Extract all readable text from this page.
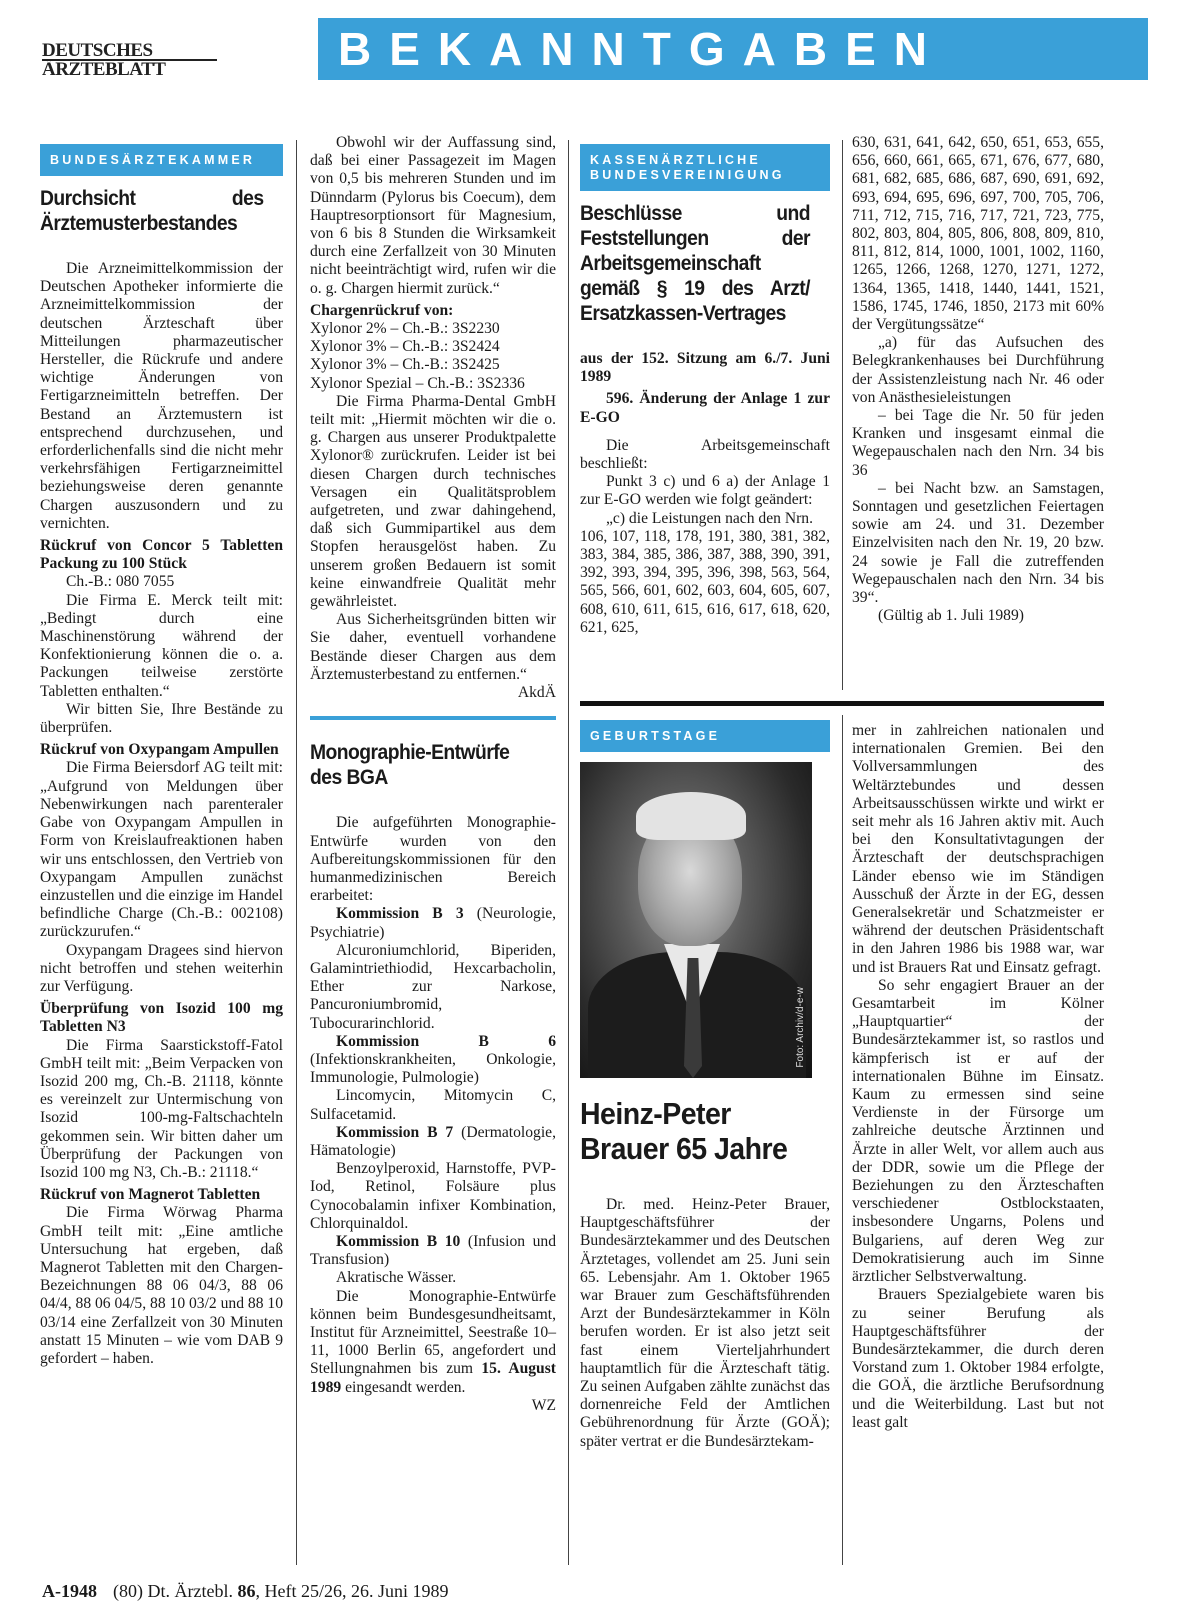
DEUTSCHES
ÄRZTEBLATT	BEKANNTGABEN
BUNDESÄRZTEKAMMER
Durchsicht des Ärztemusterbestandes

Die Arzneimittelkommission der Deutschen Apotheker informierte die Arzneimittelkommission der deutschen Ärzteschaft über Mitteilungen pharmazeutischer Hersteller, die Rückrufe und andere wichtige Änderungen von Fertigarzneimitteln betreffen. Der Bestand an Ärztemustern ist entsprechend durchzusehen, und erforderlichenfalls sind die nicht mehr verkehrsfähigen Fertigarzneimittel beziehungsweise deren genannte Chargen auszusondern und zu vernichten.

Rückruf von Concor 5 Tabletten Packung zu 100 Stück

Ch.-B.: 080 7055

Die Firma E. Merck teilt mit: „Bedingt durch eine Maschinenstörung während der Konfektionierung können die o. a. Packungen teilweise zerstörte Tabletten enthalten.“

Wir bitten Sie, Ihre Bestände zu überprüfen.

Rückruf von Oxypangam Ampullen

Die Firma Beiersdorf AG teilt mit: „Aufgrund von Meldungen über Nebenwirkungen nach parenteraler Gabe von Oxypangam Ampullen in Form von Kreislaufreaktionen haben wir uns entschlossen, den Vertrieb von Oxypangam Ampullen zunächst einzustellen und die einzige im Handel befindliche Charge (Ch.-B.: 002108) zurückzurufen.“

Oxypangam Dragees sind hiervon nicht betroffen und stehen weiterhin zur Verfügung.

Überprüfung von Isozid 100 mg Tabletten N3

Die Firma Saarstickstoff-Fatol GmbH teilt mit: „Beim Verpacken von Isozid 200 mg, Ch.-B. 21118, könnte es vereinzelt zur Untermischung von Isozid 100-mg-Faltschachteln gekommen sein. Wir bitten daher um Überprüfung der Packungen von Isozid 100 mg N3, Ch.-B.: 21118.“

Rückruf von Magnerot Tabletten

Die Firma Wörwag Pharma GmbH teilt mit: „Eine amtliche Untersuchung hat ergeben, daß Magnerot Tabletten mit den Chargen-Bezeichnungen 88 06 04/3, 88 06 04/4, 88 06 04/5, 88 10 03/2 und 88 10 03/14 eine Zerfallzeit von 30 Minuten anstatt 15 Minuten – wie vom DAB 9 gefordert – haben.

Obwohl wir der Auffassung sind, daß bei einer Passagezeit im Magen von 0,5 bis mehreren Stunden und im Dünndarm (Pylorus bis Coecum), dem Hauptresorptionsort für Magnesium, von 6 bis 8 Stunden die Wirksamkeit durch eine Zerfallzeit von 30 Minuten nicht beeinträchtigt wird, rufen wir die o. g. Chargen hiermit zurück.“

Chargenrückruf von:
Xylonor 2% – Ch.-B.: 3S2230
Xylonor 3% – Ch.-B.: 3S2424
Xylonor 3% – Ch.-B.: 3S2425
Xylonor Spezial – Ch.-B.: 3S2336

Die Firma Pharma-Dental GmbH teilt mit: „Hiermit möchten wir die o. g. Chargen aus unserer Produktpalette Xylonor® zurückrufen. Leider ist bei diesen Chargen durch technisches Versagen ein Qualitätsproblem aufgetreten, und zwar dahingehend, daß sich Gummipartikel aus dem Stopfen herausgelöst haben. Zu unserem großen Bedauern ist somit keine einwandfreie Qualität mehr gewährleistet.

Aus Sicherheitsgründen bitten wir Sie daher, eventuell vorhandene Bestände dieser Chargen aus dem Ärztemusterbestand zu entfernen.“

AkdÄ
Monographie-Entwürfe des BGA

Die aufgeführten Monographie-Entwürfe wurden von den Aufbereitungskommissionen für den humanmedizinischen Bereich erarbeitet:

Kommission B 3 (Neurologie, Psychiatrie)

Alcuroniumchlorid, Biperiden, Galamintriethiodid, Hexcarbacholin, Ether zur Narkose, Pancuroniumbromid, Tubocurarinchlorid.

Kommission B 6 (Infektionskrankheiten, Onkologie, Immunologie, Pulmologie)

Lincomycin, Mitomycin C, Sulfacetamid.

Kommission B 7 (Dermatologie, Hämatologie)

Benzoylperoxid, Harnstoffe, PVP-Iod, Retinol, Folsäure plus Cynocobalamin infixer Kombination, Chlorquinaldol.

Kommission B 10 (Infusion und Transfusion)

Akratische Wässer.

Die Monographie-Entwürfe können beim Bundesgesundheitsamt, Institut für Arzneimittel, Seestraße 10–11, 1000 Berlin 65, angefordert und Stellungnahmen bis zum 15. August 1989 eingesandt werden.

WZ
KASSENÄRZTLICHE BUNDESVEREINIGUNG
Beschlüsse und Feststellungen der Arbeitsgemeinschaft gemäß § 19 des Arzt/ Ersatzkassen-Vertrages
aus der 152. Sitzung am 6./7. Juni 1989
596. Änderung der Anlage 1 zur E-GO

Die Arbeitsgemeinschaft beschließt:

Punkt 3 c) und 6 a) der Anlage 1 zur E-GO werden wie folgt geändert:

„c) die Leistungen nach den Nrn.

106, 107, 118, 178, 191, 380, 381, 382, 383, 384, 385, 386, 387, 388, 390, 391, 392, 393, 394, 395, 396, 398, 563, 564, 565, 566, 601, 602, 603, 604, 605, 607, 608, 610, 611, 615, 616, 617, 618, 620, 621, 625,

630, 631, 641, 642, 650, 651, 653, 655, 656, 660, 661, 665, 671, 676, 677, 680, 681, 682, 685, 686, 687, 690, 691, 692, 693, 694, 695, 696, 697, 700, 705, 706, 711, 712, 715, 716, 717, 721, 723, 775, 802, 803, 804, 805, 806, 808, 809, 810, 811, 812, 814, 1000, 1001, 1002, 1160, 1265, 1266, 1268, 1270, 1271, 1272, 1364, 1365, 1418, 1440, 1441, 1521, 1586, 1745, 1746, 1850, 2173 mit 60% der Vergütungssätze“

„a) für das Aufsuchen des Belegkrankenhauses bei Durchführung der Assistenzleistung nach Nr. 46 oder von Anästhesieleistungen

– bei Tage die Nr. 50 für jeden Kranken und insgesamt einmal die Wegepauschalen nach den Nrn. 34 bis 36

– bei Nacht bzw. an Samstagen, Sonntagen und gesetzlichen Feiertagen sowie am 24. und 31. Dezember Einzelvisiten nach den Nr. 19, 20 bzw. 24 sowie je Fall die zutreffenden Wegepauschalen nach den Nrn. 34 bis 39“.

(Gültig ab 1. Juli 1989)

GEBURTSTAGE
Foto: Archiv/d-e-w
Heinz-Peter Brauer 65 Jahre

Dr. med. Heinz-Peter Brauer, Hauptgeschäftsführer der Bundesärztekammer und des Deutschen Ärztetages, vollendet am 25. Juni sein 65. Lebensjahr. Am 1. Oktober 1965 war Brauer zum Geschäftsführenden Arzt der Bundesärztekammer in Köln berufen worden. Er ist also jetzt seit fast einem Vierteljahrhundert hauptamtlich für die Ärzteschaft tätig. Zu seinen Aufgaben zählte zunächst das dornenreiche Feld der Amtlichen Gebührenordnung für Ärzte (GOÄ); später vertrat er die Bundesärztekam-

mer in zahlreichen nationalen und internationalen Gremien. Bei den Vollversammlungen des Weltärztebundes und dessen Arbeitsausschüssen wirkte und wirkt er seit mehr als 16 Jahren aktiv mit. Auch bei den Konsultativtagungen der Ärzteschaft der deutschsprachigen Länder ebenso wie im Ständigen Ausschuß der Ärzte in der EG, dessen Generalsekretär und Schatzmeister er während der deutschen Präsidentschaft in den Jahren 1986 bis 1988 war, war und ist Brauers Rat und Einsatz gefragt.

So sehr engagiert Brauer an der Gesamtarbeit im Kölner „Hauptquartier“ der Bundesärztekammer ist, so rastlos und kämpferisch ist er auf der internationalen Bühne im Einsatz. Kaum zu ermessen sind seine Verdienste in der Fürsorge um zahlreiche deutsche Ärztinnen und Ärzte in aller Welt, vor allem auch aus der DDR, sowie um die Pflege der Beziehungen zu den Ärzteschaften verschiedener Ostblockstaaten, insbesondere Ungarns, Polens und Bulgariens, auf deren Weg zur Demokratisierung auch im Sinne ärztlicher Selbstverwaltung.

Brauers Spezialgebiete waren bis zu seiner Berufung als Hauptgeschäftsführer der Bundesärztekammer, die durch deren Vorstand zum 1. Oktober 1984 erfolgte, die GOÄ, die ärztliche Berufsordnung und die Weiterbildung. Last but not least galt

A-1948 (80) Dt. Ärztebl. 86, Heft 25/26, 26. Juni 1989
